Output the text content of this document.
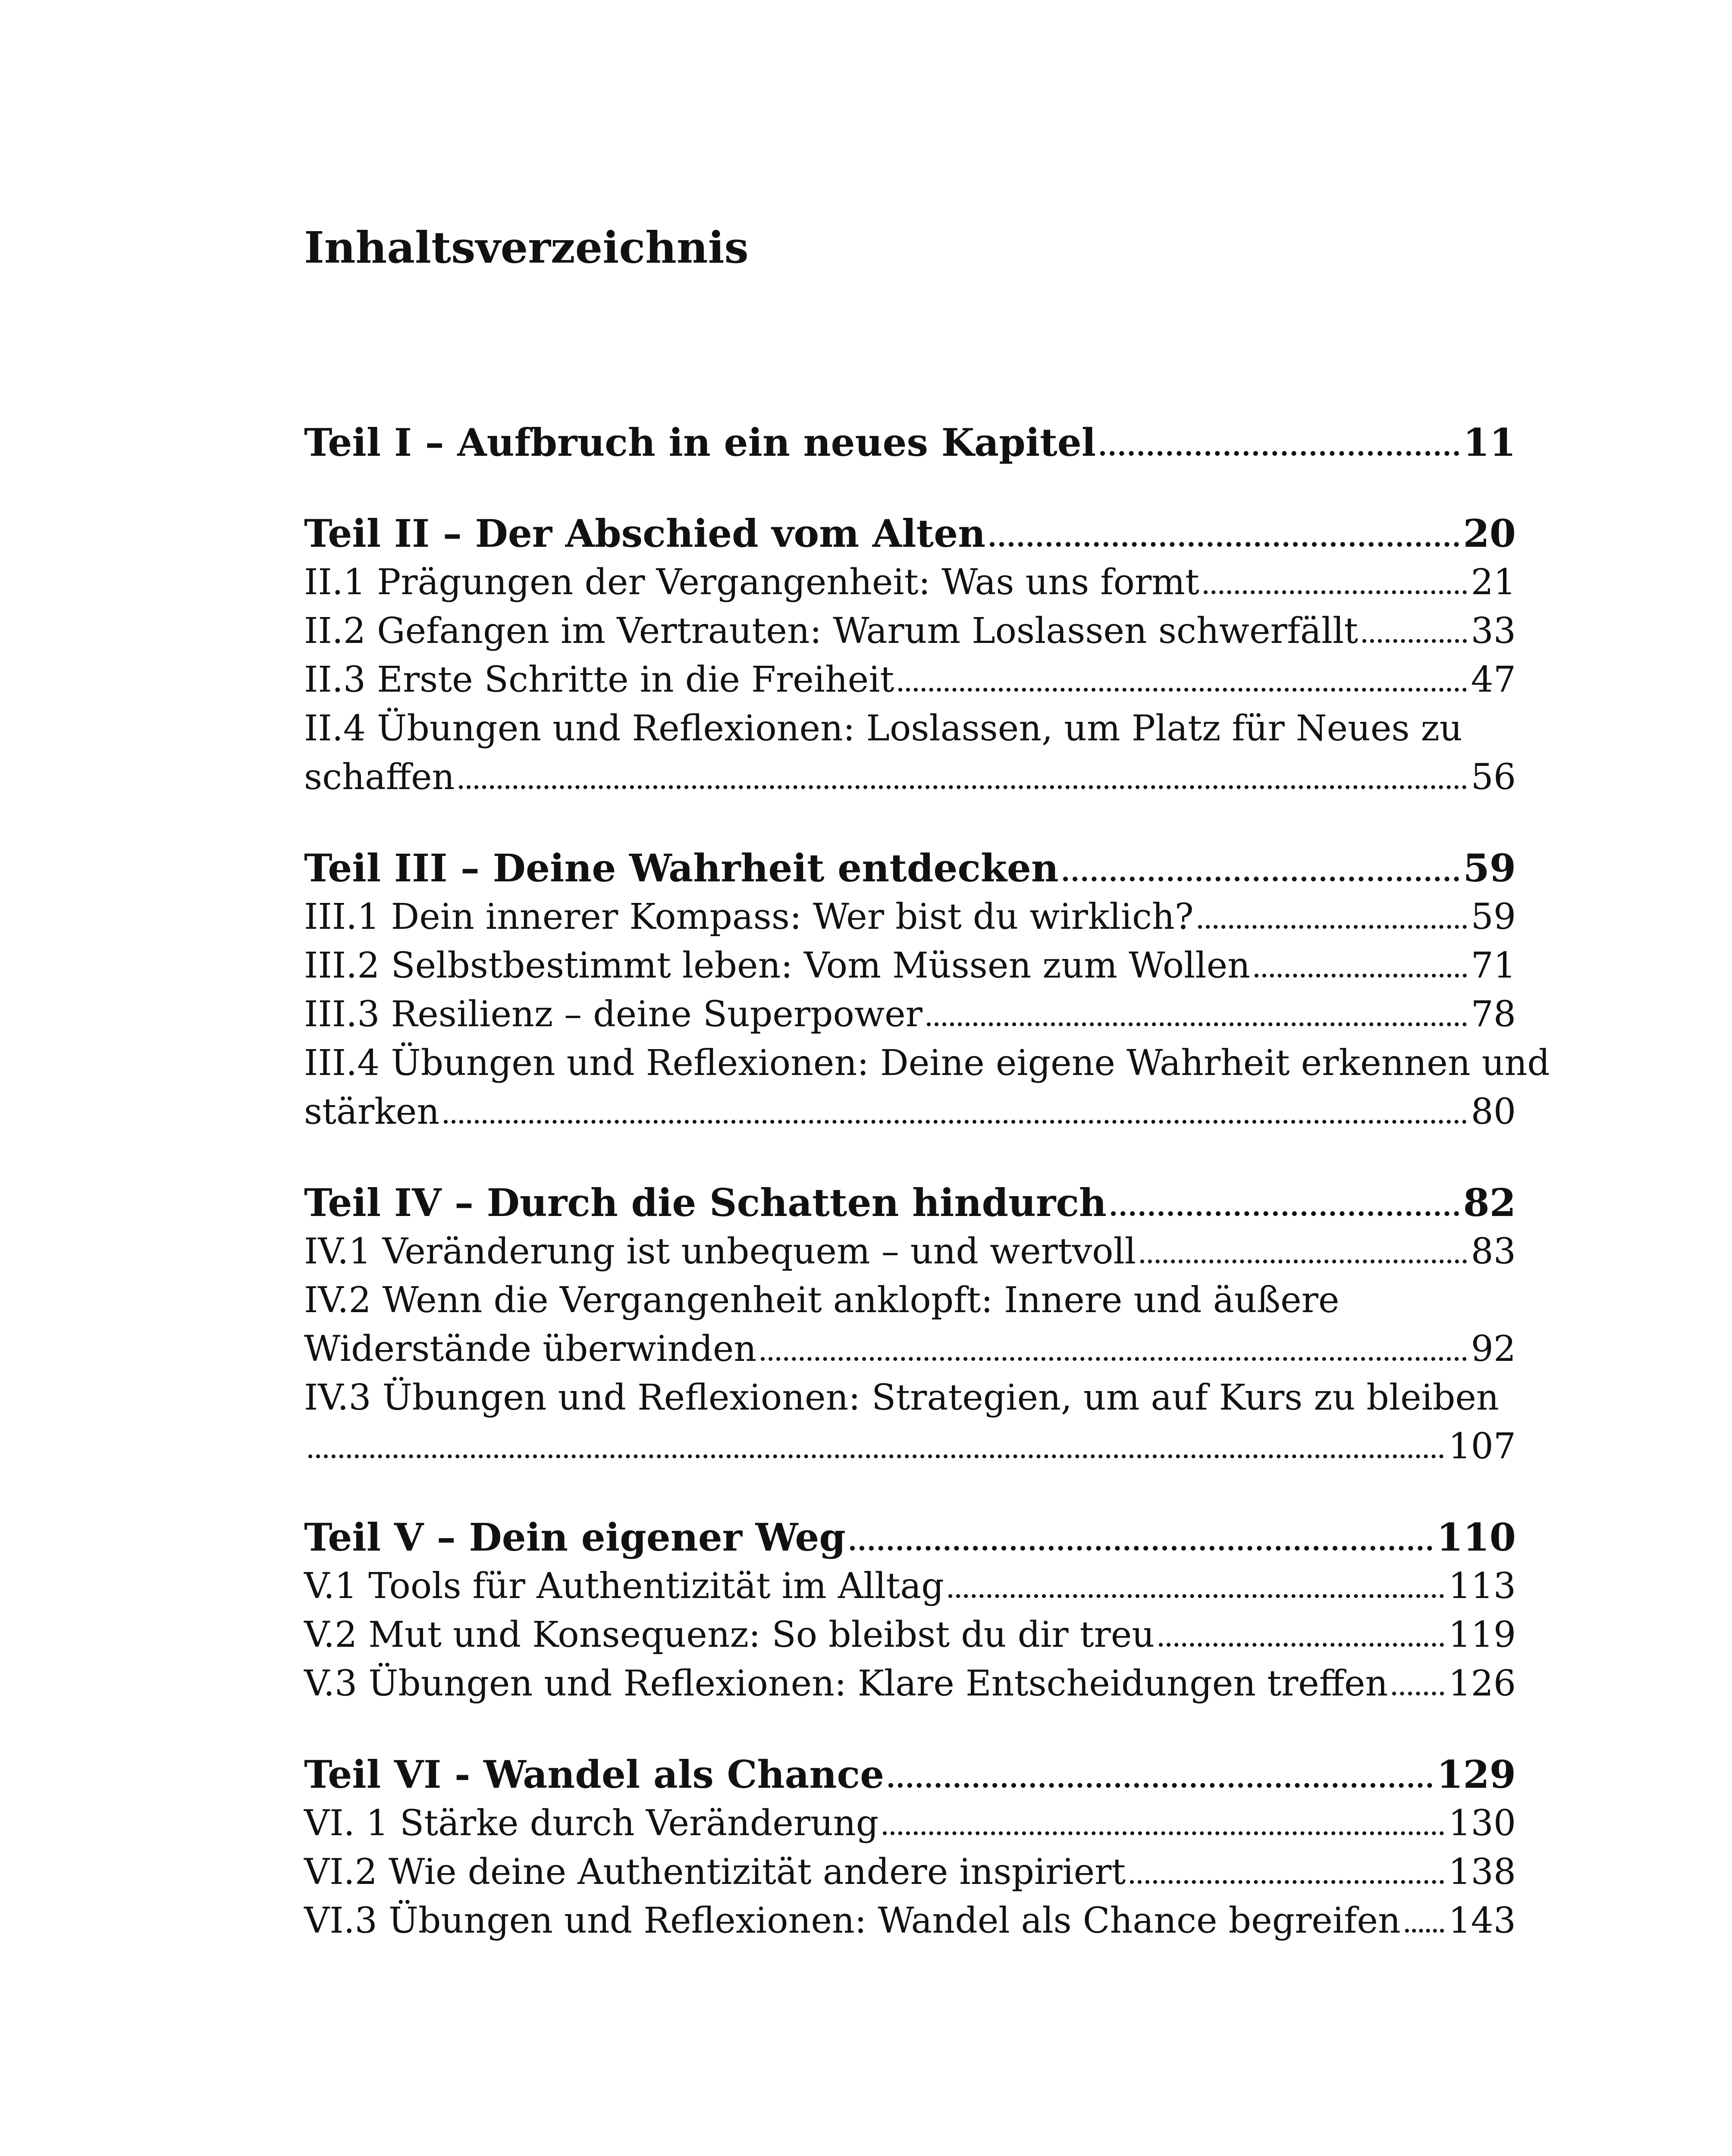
Inhaltsverzeichnis
Teil I – Aufbruch in ein neues Kapitel	11
Teil II – Der Abschied vom Alten	20
II.1 Prägungen der Vergangenheit: Was uns formt	21
II.2 Gefangen im Vertrauten: Warum Loslassen schwerfällt	33
II.3 Erste Schritte in die Freiheit	47
II.4 Übungen und Reflexionen: Loslassen, um Platz für Neues zu
schaffen	56
Teil III – Deine Wahrheit entdecken	59
III.1 Dein innerer Kompass: Wer bist du wirklich?	59
III.2 Selbstbestimmt leben: Vom Müssen zum Wollen	71
III.3 Resilienz – deine Superpower	78
III.4 Übungen und Reflexionen: Deine eigene Wahrheit erkennen und
stärken	80
Teil IV – Durch die Schatten hindurch	82
IV.1 Veränderung ist unbequem – und wertvoll	83
IV.2 Wenn die Vergangenheit anklopft: Innere und äußere
Widerstände überwinden	92
IV.3 Übungen und Reflexionen: Strategien, um auf Kurs zu bleiben
107
Teil V – Dein eigener Weg	110
V.1 Tools für Authentizität im Alltag	113
V.2 Mut und Konsequenz: So bleibst du dir treu	119
V.3 Übungen und Reflexionen: Klare Entscheidungen treffen 126
Teil VI - Wandel als Chance	129
VI. 1 Stärke durch Veränderung	130
VI.2 Wie deine Authentizität andere inspiriert	138
VI.3 Übungen und Reflexionen: Wandel als Chance begreifen 143
